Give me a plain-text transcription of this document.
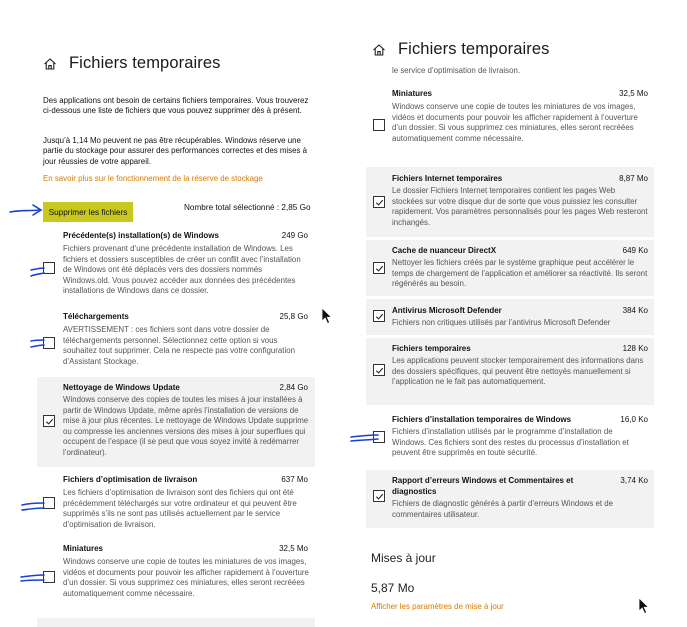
Fichiers temporaires
Des applications ont besoin de certains fichiers temporaires. Vous trouverez ci-dessous une liste de fichiers que vous pouvez supprimer dès à présent.
Jusqu’à 1,14 Mo peuvent ne pas être récupérables. Windows réserve une partie du stockage pour assurer des performances correctes et des mises à jour réussies de votre appareil.
En savoir plus sur le fonctionnement de la réserve de stockage
Supprimer les fichiers	Nombre total sélectionné : 2,85 Go
Précédente(s) installation(s) de Windows	249 Go
Fichiers provenant d’une précédente installation de Windows. Les fichiers et dossiers susceptibles de créer un conflit avec l’installation de Windows ont été déplacés vers des dossiers nommés Windows.old. Vous pouvez accéder aux données des précédentes installations de Windows dans ce dossier.
Téléchargements	25,8 Go
AVERTISSEMENT : ces fichiers sont dans votre dossier de téléchargements personnel. Sélectionnez cette option si vous souhaitez tout supprimer. Cela ne respecte pas votre configuration d’Assistant Stockage.
Nettoyage de Windows Update	2,84 Go
Windows conserve des copies de toutes les mises à jour installées à partir de Windows Update, même après l’installation de versions de mise à jour plus récentes. Le nettoyage de Windows Update supprime ou compresse les anciennes versions des mises à jour superflues qui occupent de l’espace (il se peut que vous soyez invité à redémarrer l’ordinateur).
Fichiers d’optimisation de livraison	637 Mo
Les fichiers d’optimisation de livraison sont des fichiers qui ont été précédemment téléchargés sur votre ordinateur et qui peuvent être supprimés s’ils ne sont pas utilisés actuellement par le service d’optimisation de livraison.
Miniatures	32,5 Mo
Windows conserve une copie de toutes les miniatures de vos images, vidéos et documents pour pouvoir les afficher rapidement à l’ouverture d’un dossier. Si vous supprimez ces miniatures, elles seront recréées automatiquement comme nécessaire.
Fichiers temporaires
le service d’optimisation de livraison.
Miniatures	32,5 Mo
Windows conserve une copie de toutes les miniatures de vos images, vidéos et documents pour pouvoir les afficher rapidement à l’ouverture d’un dossier. Si vous supprimez ces miniatures, elles seront recréées automatiquement comme nécessaire.
Fichiers Internet temporaires	8,87 Mo
Le dossier Fichiers Internet temporaires contient les pages Web stockées sur votre disque dur de sorte que vous puissiez les consulter rapidement. Vos paramètres personnalisés pour les pages Web resteront inchangés.
Cache de nuanceur DirectX	649 Ko
Nettoyer les fichiers créés par le système graphique peut accélérer le temps de chargement de l’application et améliorer sa réactivité. Ils seront régénérés au besoin.
Antivirus Microsoft Defender	384 Ko
Fichiers non critiques utilisés par l’antivirus Microsoft Defender
Fichiers temporaires	128 Ko
Les applications peuvent stocker temporairement des informations dans des dossiers spécifiques, qui peuvent être nettoyés manuellement si l’application ne le fait pas automatiquement.
Fichiers d’installation temporaires de Windows	16,0 Ko
Fichiers d’installation utilisés par le programme d’installation de Windows. Ces fichiers sont des restes du processus d’installation et peuvent être supprimés en toute sécurité.
Rapport d’erreurs Windows et Commentaires et diagnostics
3,74 Ko
Fichiers de diagnostic générés à partir d’erreurs Windows et de commentaires utilisateur.
Mises à jour
5,87 Mo
Afficher les paramètres de mise à jour
